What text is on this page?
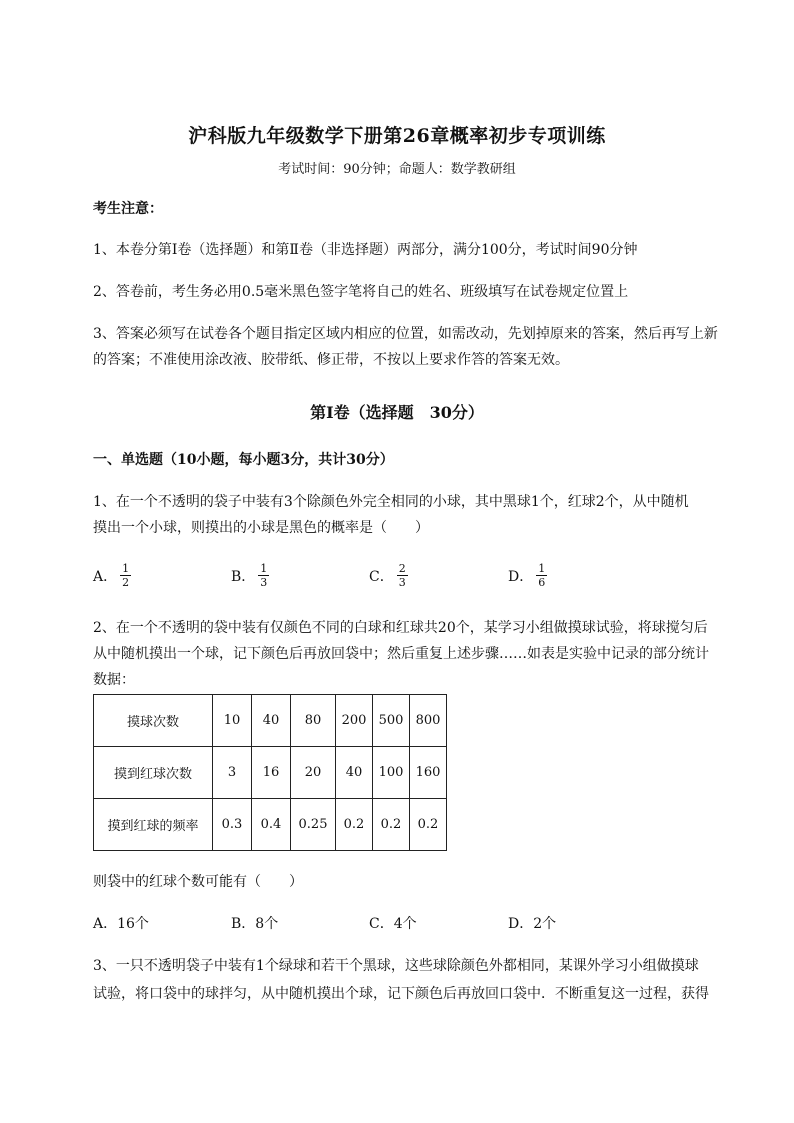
沪科版九年级数学下册第26章概率初步专项训练
考试时间：90分钟；命题人：数学教研组
考生注意：
1、本卷分第Ⅰ卷（选择题）和第Ⅱ卷（非选择题）两部分，满分100分，考试时间90分钟
2、答卷前，考生务必用0.5毫米黑色签字笔将自己的姓名、班级填写在试卷规定位置上
3、答案必须写在试卷各个题目指定区域内相应的位置，如需改动，先划掉原来的答案，然后再写上新
的答案；不准使用涂改液、胶带纸、修正带，不按以上要求作答的答案无效。
第Ⅰ卷（选择题　30分）
一、单选题（10小题，每小题3分，共计30分）
1、在一个不透明的袋子中装有3个除颜色外完全相同的小球，其中黑球1个，红球2个，从中随机
摸出一个小球，则摸出的小球是黑色的概率是（　　）
A． $\frac{1}{2}$	B． $\frac{1}{3}$	C． $\frac{2}{3}$	D． $\frac{1}{6}$
2、在一个不透明的袋中装有仅颜色不同的白球和红球共20个，某学习小组做摸球试验，将球搅匀后
从中随机摸出一个球，记下颜色后再放回袋中；然后重复上述步骤……如表是实验中记录的部分统计
数据：
摸球次数	10	40	80	200	500	800
摸到红球次数	3	16	20	40	100	160
摸到红球的频率	0.3	0.4	0.25	0.2	0.2	0.2
则袋中的红球个数可能有（　　）
A．16个	B．8个	C．4个	D．2个
3、一只不透明袋子中装有1个绿球和若干个黑球，这些球除颜色外都相同，某课外学习小组做摸球
试验，将口袋中的球拌匀，从中随机摸出个球，记下颜色后再放回口袋中．不断重复这一过程，获得
